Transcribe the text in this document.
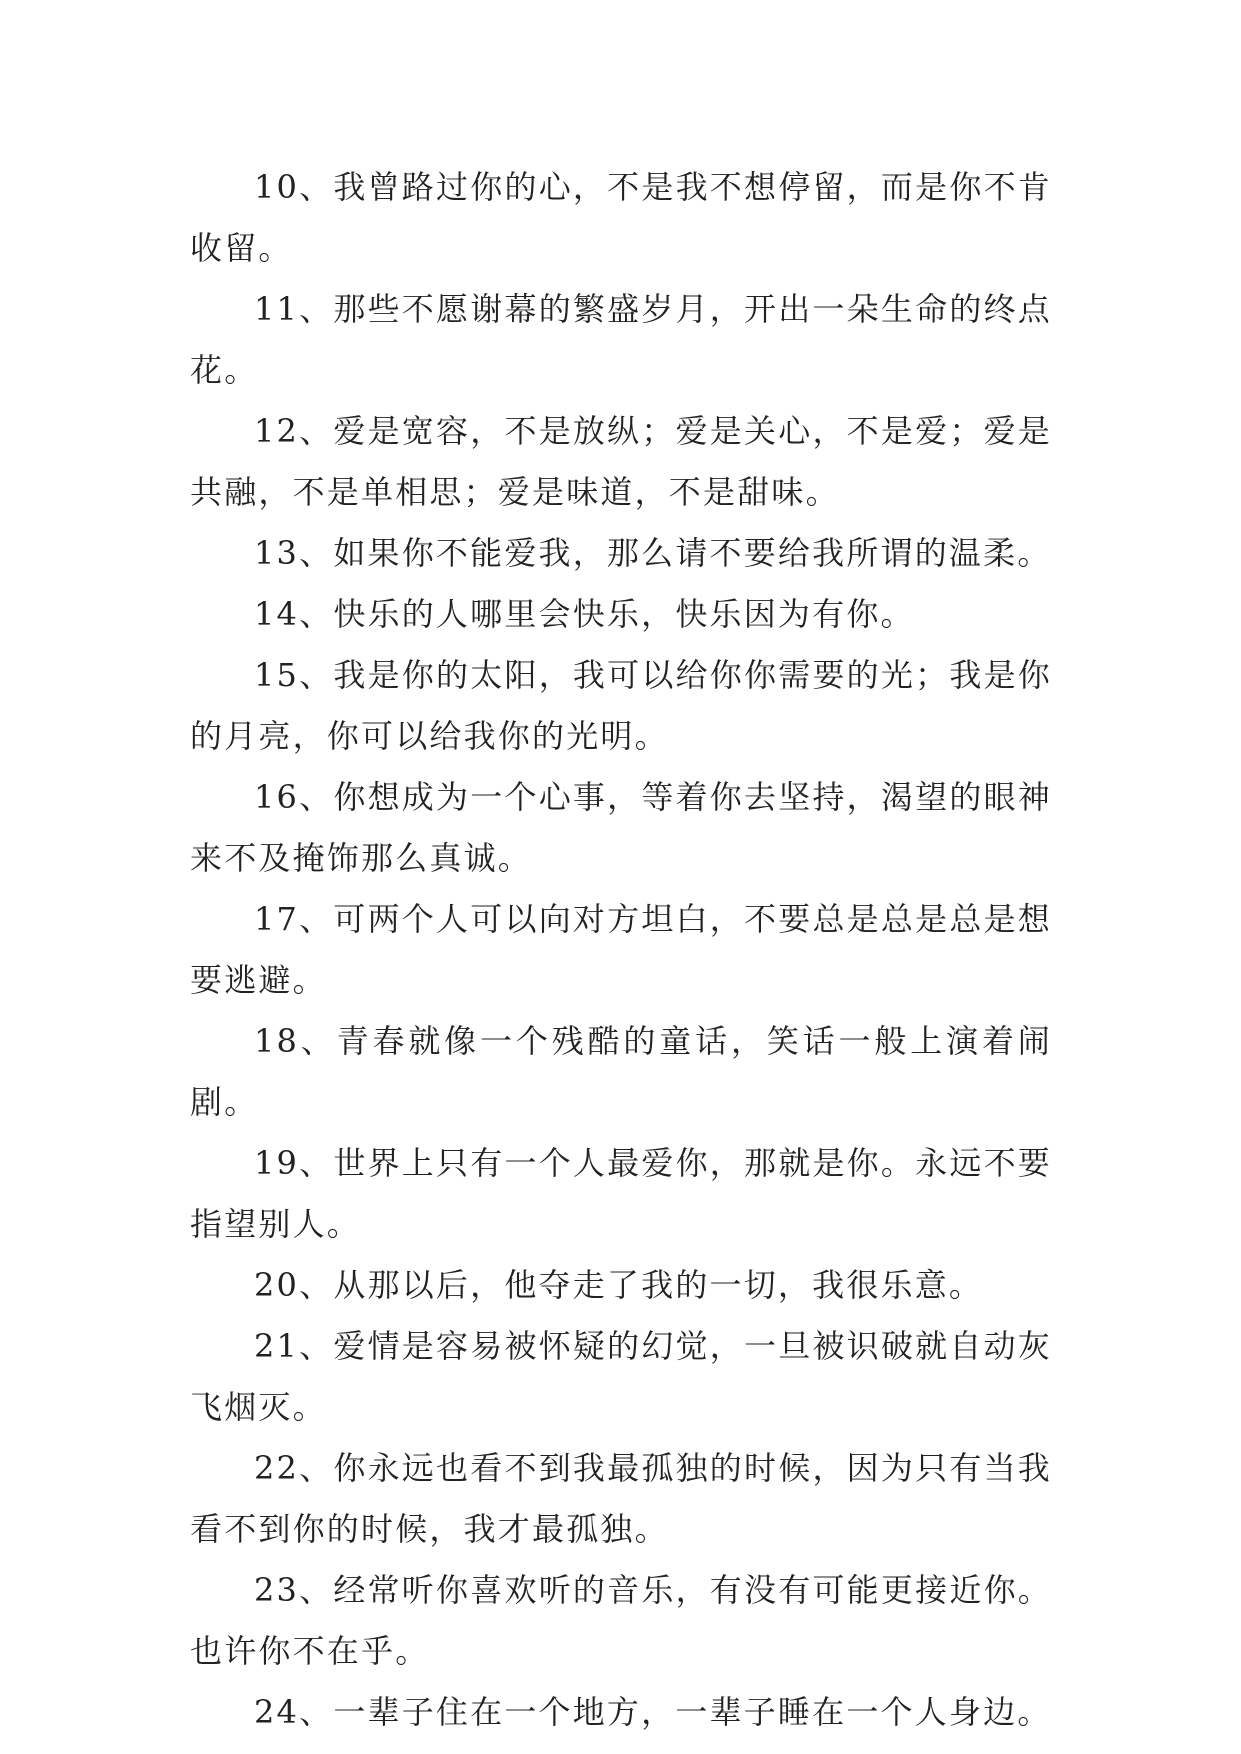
10、我曾路过你的心，不是我不想停留，而是你不肯收留。

11、那些不愿谢幕的繁盛岁月，开出一朵生命的终点花。

12、爱是宽容，不是放纵；爱是关心，不是爱；爱是共融，不是单相思；爱是味道，不是甜味。

13、如果你不能爱我，那么请不要给我所谓的温柔。

14、快乐的人哪里会快乐，快乐因为有你。

15、我是你的太阳，我可以给你你需要的光；我是你的月亮，你可以给我你的光明。

16、你想成为一个心事，等着你去坚持，渴望的眼神来不及掩饰那么真诚。

17、可两个人可以向对方坦白，不要总是总是总是想要逃避。

18、青春就像一个残酷的童话，笑话一般上演着闹剧。

19、世界上只有一个人最爱你，那就是你。永远不要指望别人。

20、从那以后，他夺走了我的一切，我很乐意。

21、爱情是容易被怀疑的幻觉，一旦被识破就自动灰飞烟灭。

22、你永远也看不到我最孤独的时候，因为只有当我看不到你的时候，我才最孤独。

23、经常听你喜欢听的音乐，有没有可能更接近你。也许你不在乎。

24、一辈子住在一个地方，一辈子睡在一个人身边。
